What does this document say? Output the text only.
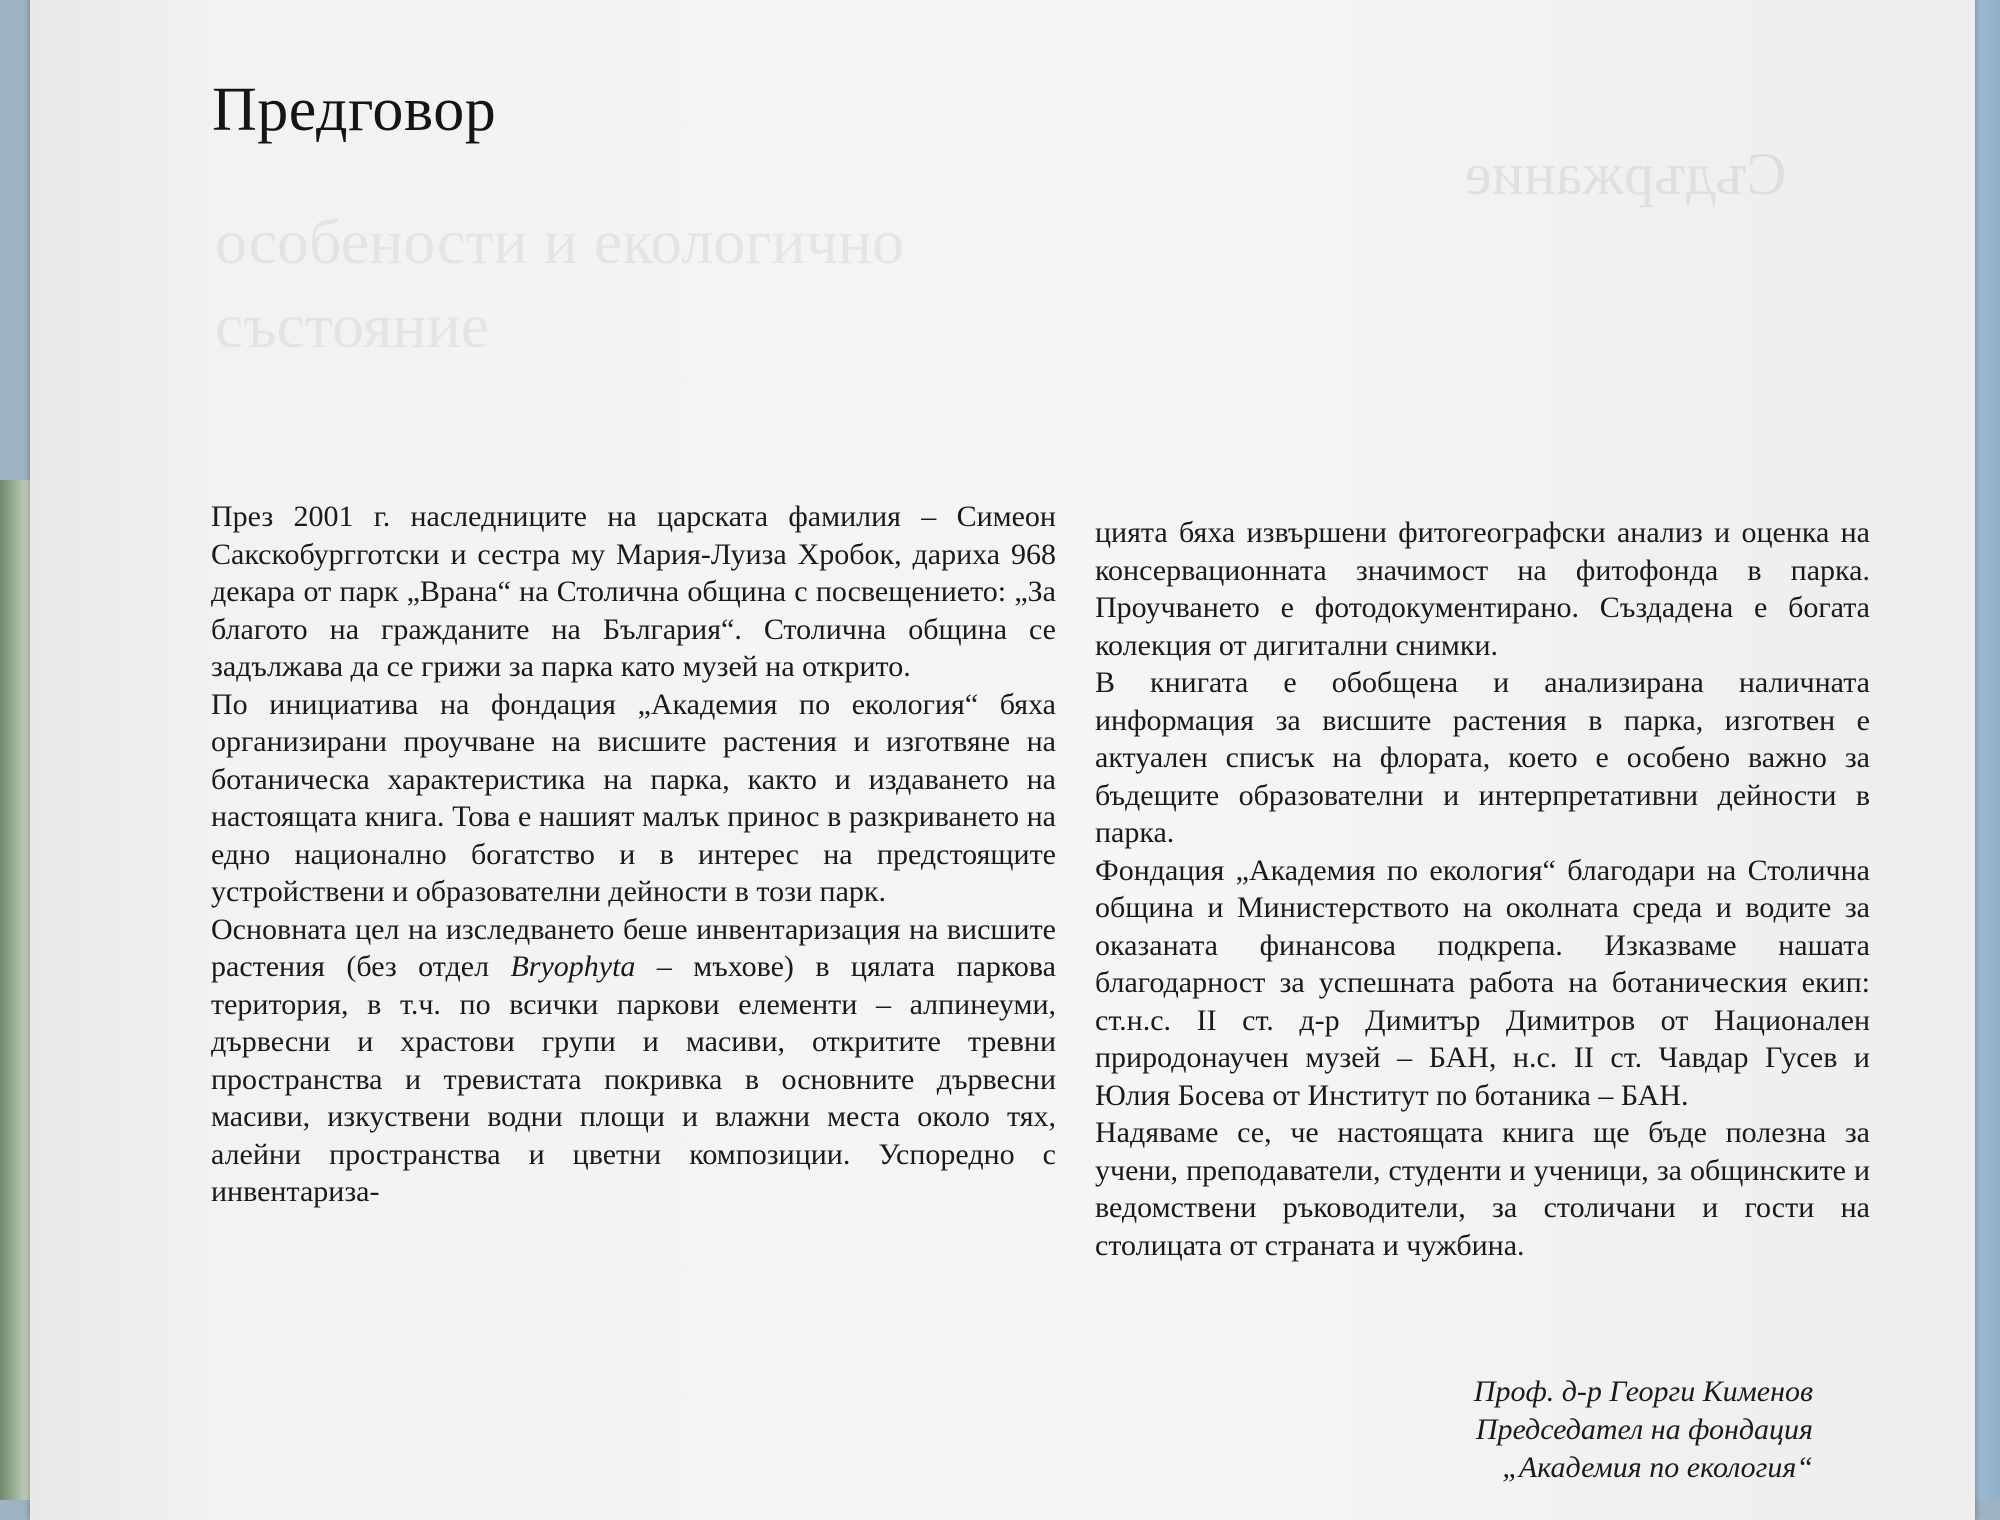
особености и екологично
състояние
Съдържание
Предговор

През 2001 г. наследниците на царската фамилия – Симеон Сакскобургготски и сестра му Мария-Луиза Хробок, дариха 968 декара от парк „Врана“ на Столична община с посвещението: „За благото на гражданите на България“. Столична община се задължава да се грижи за парка като музей на открито.

По инициатива на фондация „Академия по екология“ бяха организирани проучване на висшите растения и изготвяне на ботаническа характеристика на парка, както и издаването на настоящата книга. Това е нашият малък принос в разкриването на едно национално богатство и в интерес на предстоящите устройствени и образователни дейности в този парк.

Основната цел на изследването беше инвентаризация на висшите растения (без отдел Bryophyta – мъхове) в цялата паркова територия, в т.ч. по всички паркови елементи – алпинеуми, дървесни и храстови групи и масиви, откритите тревни пространства и тревистата покривка в основните дървесни масиви, изкуствени водни площи и влажни места около тях, алейни пространства и цветни композиции. Успоредно с инвентариза-

цията бяха извършени фитогеографски анализ и оценка на консервационната значимост на фитофонда в парка. Проучването е фотодокументирано. Създадена е богата колекция от дигитални снимки.

В книгата е обобщена и анализирана наличната информация за висшите растения в парка, изготвен е актуален списък на флората, което е особено важно за бъдещите образователни и интерпретативни дейности в парка.

Фондация „Академия по екология“ благодари на Столична община и Министерството на околната среда и водите за оказаната финансова подкрепа. Изказваме нашата благодарност за успешната работа на ботаническия екип: ст.н.с. II ст. д-р Димитър Димитров от Национален природонаучен музей – БАН, н.с. II ст. Чавдар Гусев и Юлия Босева от Институт по ботаника – БАН.

Надяваме се, че настоящата книга ще бъде полезна за учени, преподаватели, студенти и ученици, за общинските и ведомствени ръководители, за столичани и гости на столицата от страната и чужбина.

Проф. д-р Георги Кименов
Председател на фондация
„Академия по екология“
